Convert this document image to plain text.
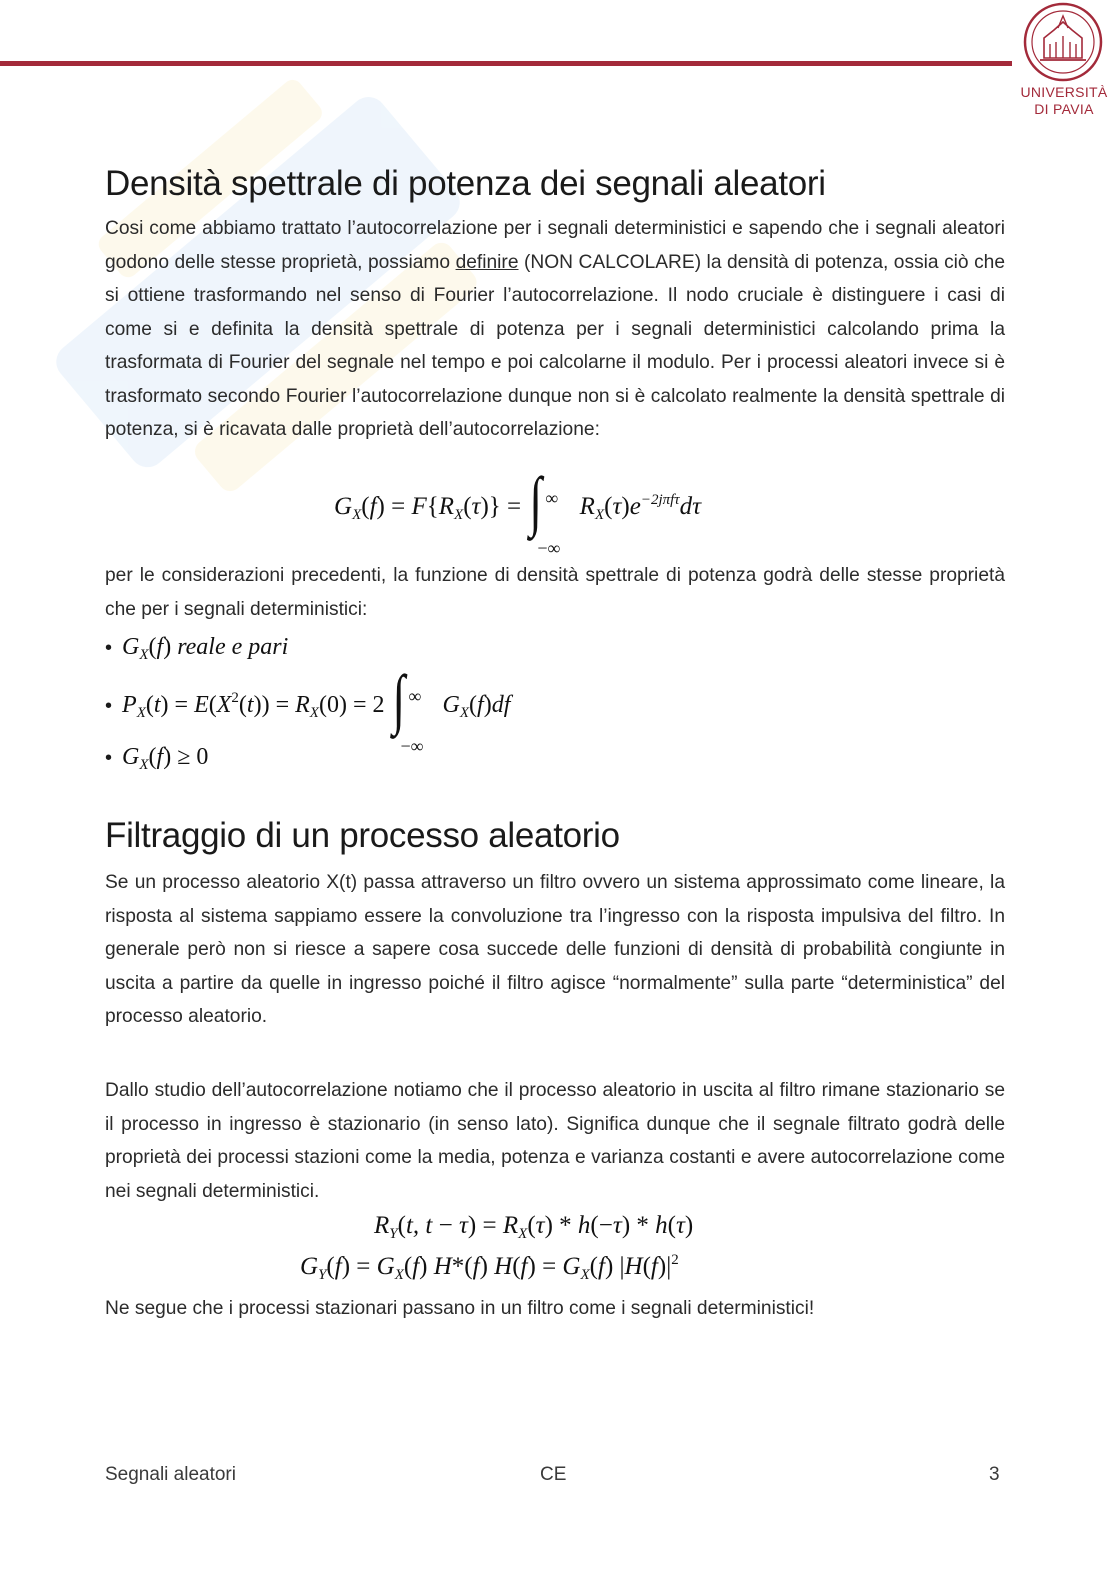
UNIVERSITÀ
DI PAVIA
Densità spettrale di potenza dei segnali aleatori

Cosi come abbiamo trattato l’autocorrelazione per i segnali deterministici e sapendo che i segnali aleatori godono delle stesse proprietà, possiamo definire (NON CALCOLARE) la densità di potenza, ossia ciò che si ottiene trasformando nel senso di Fourier l’autocorrelazione. Il nodo cruciale è distinguere i casi di come si e definita la densità spettrale di potenza per i segnali deterministici calcolando prima la trasformata di Fourier del segnale nel tempo e poi calcolarne il modulo. Per i processi aleatori invece si è trasformato secondo Fourier l’autocorrelazione dunque non si è calcolato realmente la densità spettrale di potenza, si è ricavata dalle proprietà dell’autocorrelazione:

$G_X(f) = F\{R_X(\tau)\}$ = ∫ ∞
−∞
$R_X(\tau)e^{-2j\pi f\tau}d\tau$

per le considerazioni precedenti, la funzione di densità spettrale di potenza godrà delle stesse proprietà che per i segnali deterministici:

• $G_X(f)$ reale e pari
• $P_X(t) = E(X^2(t)) = R_X(0) = 2$ ∫ ∞
−∞
$G_X(f)df$
• $G_X(f) \ge 0$
Filtraggio di un processo aleatorio

Se un processo aleatorio X(t) passa attraverso un filtro ovvero un sistema approssimato come lineare, la risposta al sistema sappiamo essere la convoluzione tra l’ingresso con la risposta impulsiva del filtro. In generale però non si riesce a sapere cosa succede delle funzioni di densità di probabilità congiunte in uscita a partire da quelle in ingresso poiché il filtro agisce “normalmente” sulla parte “deterministica” del processo aleatorio.

Dallo studio dell’autocorrelazione notiamo che il processo aleatorio in uscita al filtro rimane stazionario se il processo in ingresso è stazionario (in senso lato). Significa dunque che il segnale filtrato godrà delle proprietà dei processi stazioni come la media, potenza e varianza costanti e avere autocorrelazione come nei segnali deterministici.

$R_Y(t$, $t - \tau) = R_X(\tau) * h(-\tau) * h(\tau)$
$G_Y(f) = G_X(f)$ H*(f) $H(f) = G_X(f)$ $|H(f)|^2$

Ne segue che i processi stazionari passano in un filtro come i segnali deterministici!

Segnali aleatori	CE	3
